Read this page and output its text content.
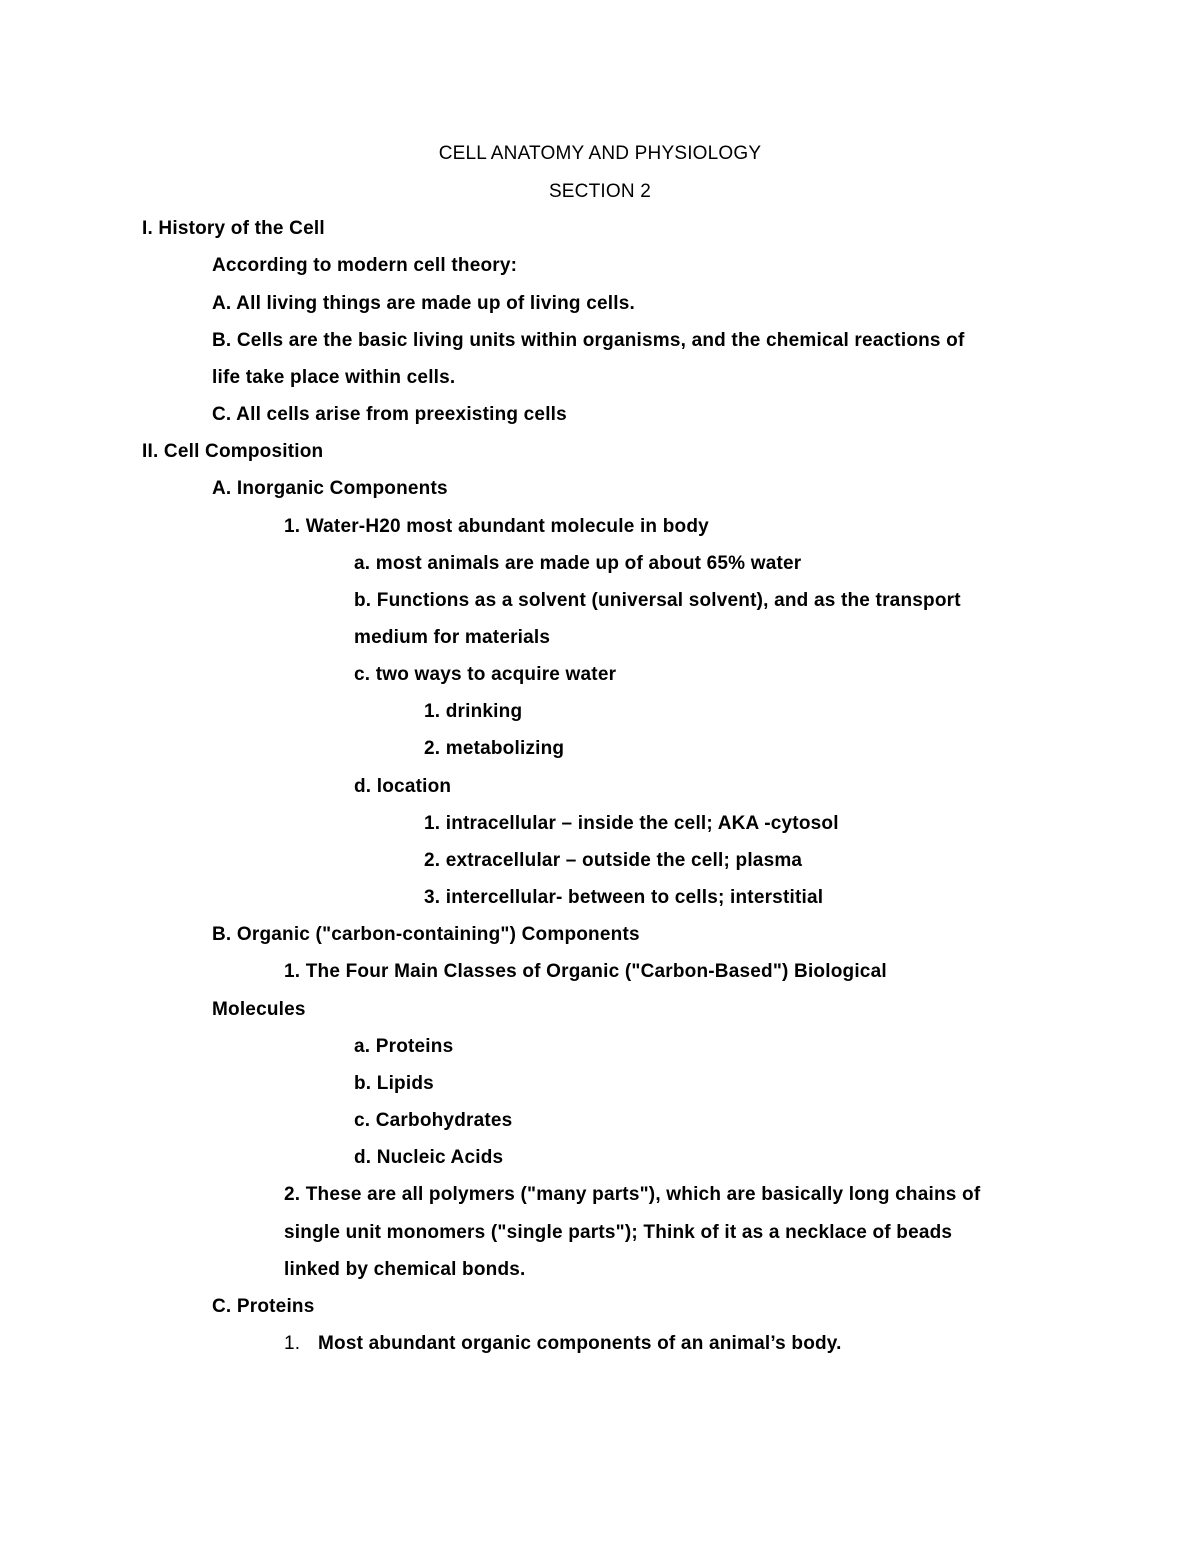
CELL ANATOMY AND PHYSIOLOGY
SECTION 2
I. History of the Cell
According to modern cell theory:
A. All living things are made up of living cells.
B. Cells are the basic living units within organisms, and the chemical reactions of
life take place within cells.
C. All cells arise from preexisting cells
II. Cell Composition
A. Inorganic Components
1. Water-H20 most abundant molecule in body
a. most animals are made up of about 65% water
b. Functions as a solvent (universal solvent), and as the transport
medium for materials
c. two ways to acquire water
1. drinking
2. metabolizing
d. location
1. intracellular – inside the cell; AKA -cytosol
2. extracellular – outside the cell; plasma
3. intercellular- between to cells; interstitial
B. Organic ("carbon-containing") Components
1. The Four Main Classes of Organic ("Carbon-Based") Biological
Molecules
a. Proteins
b. Lipids
c. Carbohydrates
d. Nucleic Acids
2. These are all polymers ("many parts"), which are basically long chains of
single unit monomers ("single parts"); Think of it as a necklace of beads
linked by chemical bonds.
C. Proteins
1. Most abundant organic components of an animal’s body.
